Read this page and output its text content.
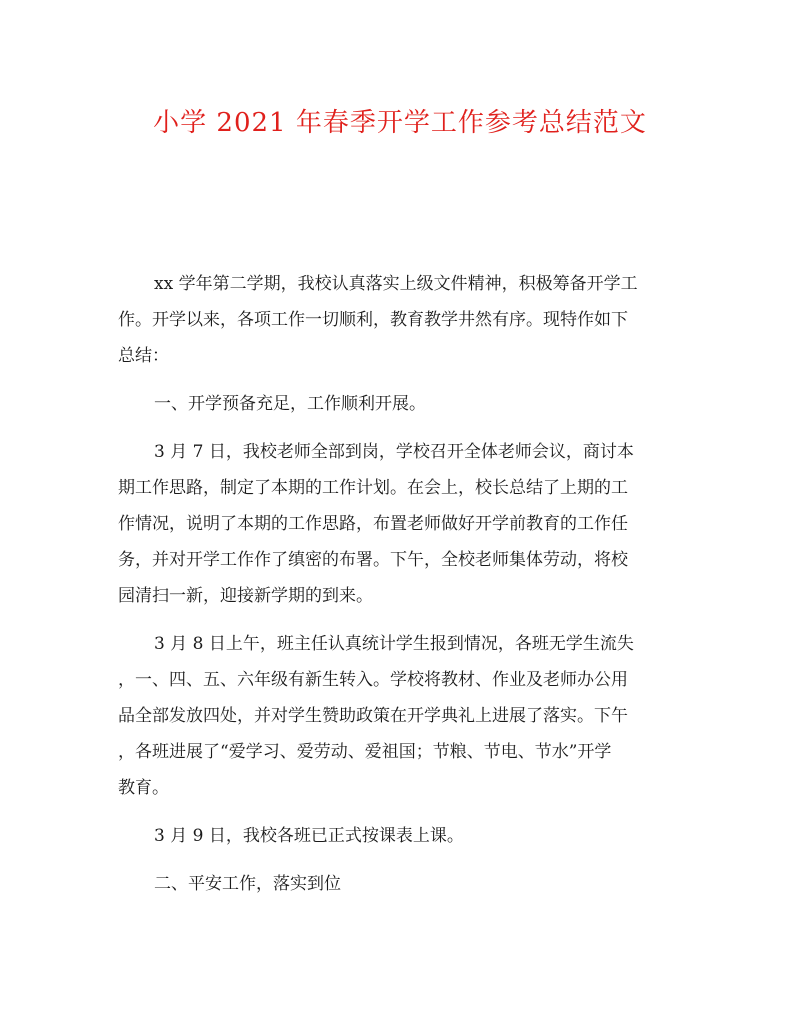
小学 2021 年春季开学工作参考总结范文
xx 学年第二学期，我校认真落实上级文件精神，积极筹备开学工
作。开学以来，各项工作一切顺利，教育教学井然有序。现特作如下
总结：
一、开学预备充足，工作顺利开展。
3 月 7 日，我校老师全部到岗，学校召开全体老师会议，商讨本
期工作思路，制定了本期的工作计划。在会上，校长总结了上期的工
作情况，说明了本期的工作思路，布置老师做好开学前教育的工作任
务，并对开学工作作了缜密的布署。下午，全校老师集体劳动，将校
园清扫一新，迎接新学期的到来。
3 月 8 日上午，班主任认真统计学生报到情况，各班无学生流失
，一、四、五、六年级有新生转入。学校将教材、作业及老师办公用
品全部发放四处，并对学生赞助政策在开学典礼上进展了落实。下午
，各班进展了“爱学习、爱劳动、爱祖国；节粮、节电、节水”开学
教育。
3 月 9 日，我校各班已正式按课表上课。
二、平安工作，落实到位
